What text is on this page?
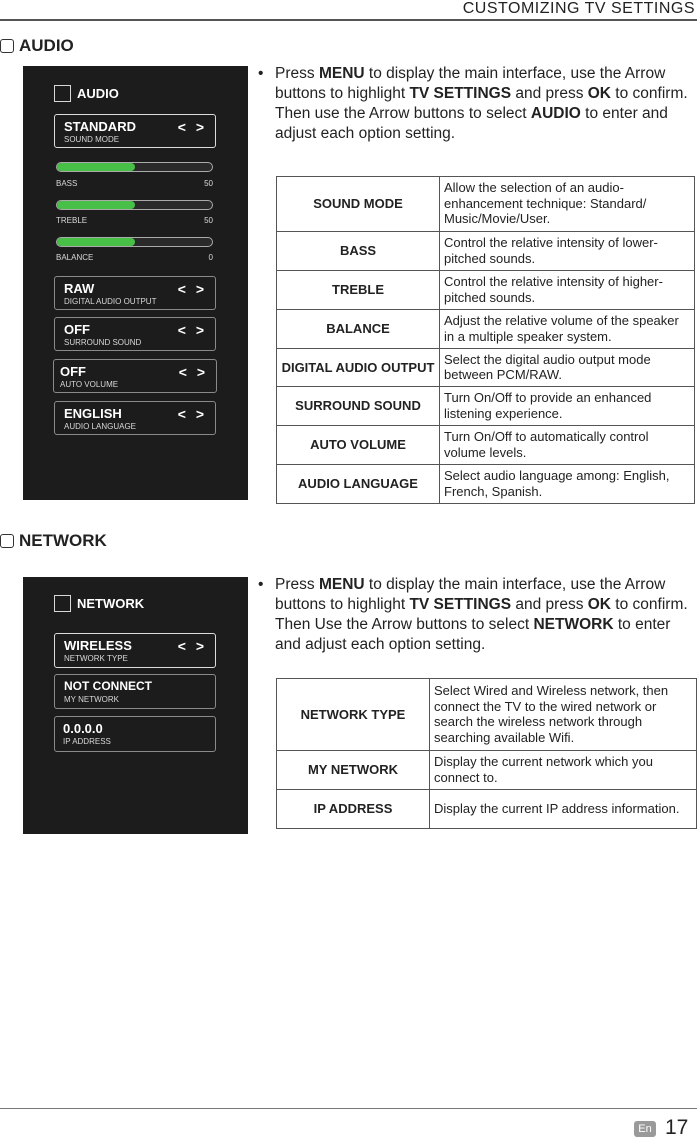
CUSTOMIZING TV SETTINGS
AUDIO
AUDIO
STANDARD
SOUND MODE
< >
BASS	50
TREBLE	50
BALANCE	0
RAW
DIGITAL AUDIO OUTPUT
< >
OFF
SURROUND SOUND
< >
OFF
AUTO VOLUME
< >
ENGLISH
AUDIO LANGUAGE
< >
• Press MENU to display the main interface, use the Arrow buttons to highlight TV SETTINGS and press OK to confirm. Then use the Arrow buttons to select AUDIO to enter and adjust each option setting.
SOUND MODE	Allow the selection of an audio-enhancement technique: Standard/ Music/Movie/User.
BASS	Control the relative intensity of lower-pitched sounds.
TREBLE	Control the relative intensity of higher-pitched sounds.
BALANCE	Adjust the relative volume of the speaker in a multiple speaker system.
DIGITAL AUDIO OUTPUT	Select the digital audio output mode between PCM/RAW.
SURROUND SOUND	Turn On/Off to provide an enhanced listening experience.
AUTO VOLUME	Turn On/Off to automatically control volume levels.
AUDIO LANGUAGE	Select audio language among: English, French, Spanish.
NETWORK
NETWORK
WIRELESS
NETWORK TYPE
< >
NOT CONNECT
MY NETWORK
0.0.0.0
IP ADDRESS
• Press MENU to display the main interface, use the Arrow buttons to highlight TV SETTINGS and press OK to confirm. Then Use the Arrow buttons to select NETWORK to enter and adjust each option setting.
NETWORK TYPE	Select Wired and Wireless network, then connect the TV to the wired network or search the wireless network through searching available Wifi.
MY NETWORK	Display the current network which you connect to.
IP ADDRESS	Display the current IP address information.
En 17
